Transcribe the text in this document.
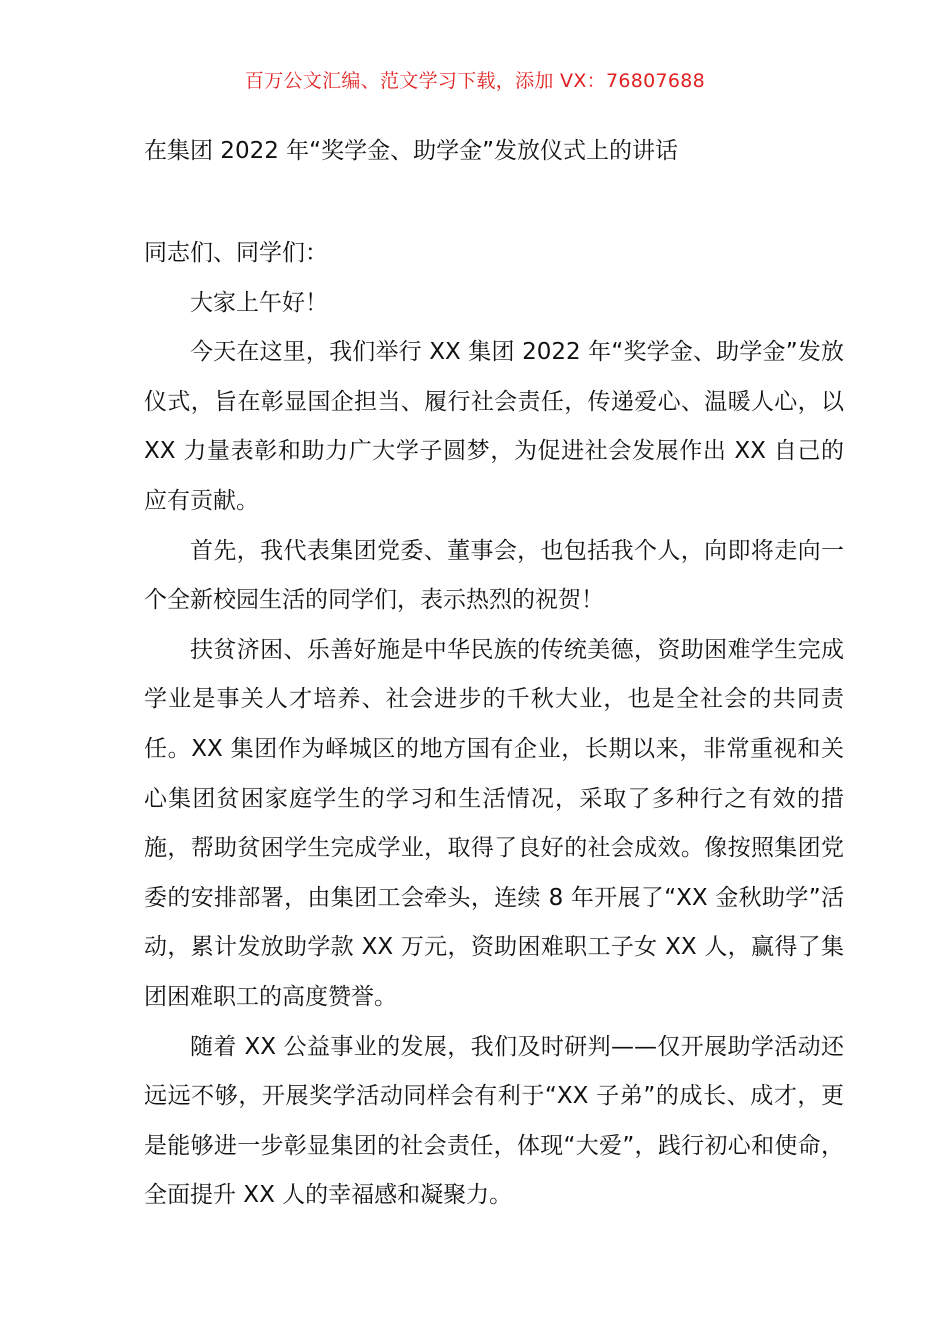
百万公文汇编、范文学习下载，添加 VX：76807688
在集团 2022 年“奖学金、助学金”发放仪式上的讲话

同志们、同学们：

大家上午好！

今天在这里，我们举行 XX 集团 2022 年“奖学金、助学金”发放仪式，旨在彰显国企担当、履行社会责任，传递爱心、温暖人心，以 XX 力量表彰和助力广大学子圆梦，为促进社会发展作出 XX 自己的应有贡献。

首先，我代表集团党委、董事会，也包括我个人，向即将走向一个全新校园生活的同学们，表示热烈的祝贺！

扶贫济困、乐善好施是中华民族的传统美德，资助困难学生完成学业是事关人才培养、社会进步的千秋大业，也是全社会的共同责任。XX 集团作为峄城区的地方国有企业，长期以来，非常重视和关心集团贫困家庭学生的学习和生活情况，采取了多种行之有效的措施，帮助贫困学生完成学业，取得了良好的社会成效。像按照集团党委的安排部署，由集团工会牵头，连续 8 年开展了“XX 金秋助学”活动，累计发放助学款 XX 万元，资助困难职工子女 XX 人，赢得了集团困难职工的高度赞誉。

随着 XX 公益事业的发展，我们及时研判——仅开展助学活动还远远不够，开展奖学活动同样会有利于“XX 子弟”的成长、成才，更是能够进一步彰显集团的社会责任，体现“大爱”，践行初心和使命，全面提升 XX 人的幸福感和凝聚力。
